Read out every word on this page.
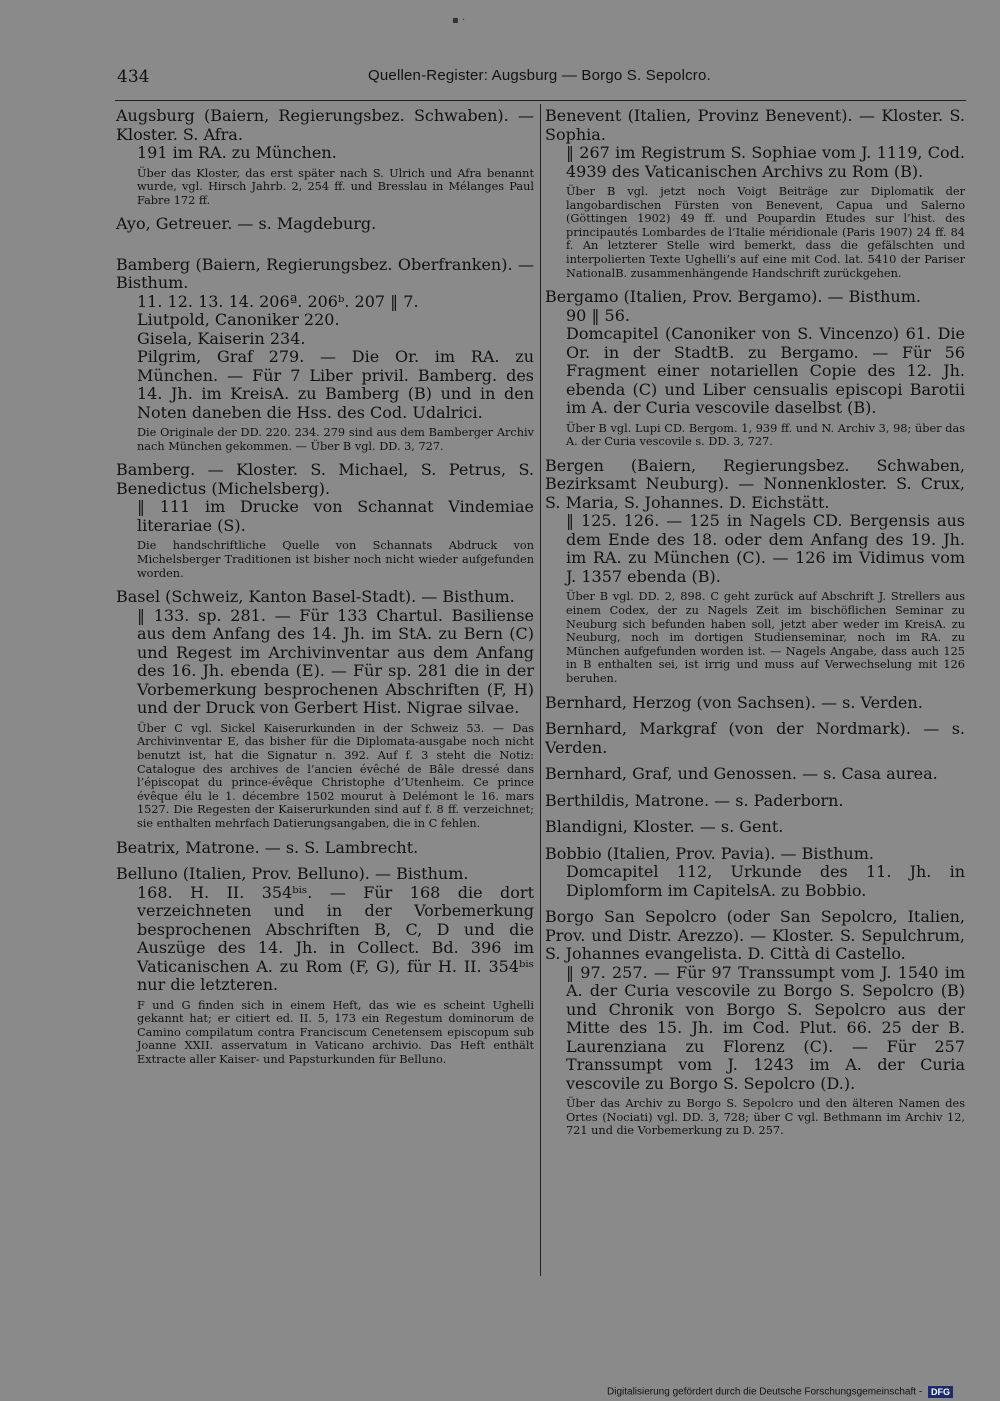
▪ ·
434	Quellen-Register: Augsburg — Borgo S. Sepolcro.

Augsburg (Baiern, Regierungsbez. Schwaben). — Kloster. S. Afra.

191 im RA. zu München.

Über das Kloster, das erst später nach S. Ulrich und Afra benannt wurde, vgl. Hirsch Jahrb. 2, 254 ff. und Bresslau in Mélanges Paul Fabre 172 ff.

Ayo, Getreuer. — s. Magdeburg.

Bamberg (Baiern, Regierungsbez. Oberfranken). — Bisthum.

11. 12. 13. 14. 206ª. 206ᵇ. 207 ‖ 7.

Liutpold, Canoniker 220.

Gisela, Kaiserin 234.

Pilgrim, Graf 279. — Die Or. im RA. zu München. — Für 7 Liber privil. Bamberg. des 14. Jh. im KreisA. zu Bamberg (B) und in den Noten daneben die Hss. des Cod. Udalrici.

Die Originale der DD. 220. 234. 279 sind aus dem Bamberger Archiv nach München gekommen. — Über B vgl. DD. 3, 727.

Bamberg. — Kloster. S. Michael, S. Petrus, S. Benedictus (Michelsberg).

‖ 111 im Drucke von Schannat Vindemiae literariae (S).

Die handschriftliche Quelle von Schannats Abdruck von Michelsberger Traditionen ist bisher noch nicht wieder aufgefunden worden.

Basel (Schweiz, Kanton Basel-Stadt). — Bisthum.

‖ 133. sp. 281. — Für 133 Chartul. Basiliense aus dem Anfang des 14. Jh. im StA. zu Bern (C) und Regest im Archivinventar aus dem Anfang des 16. Jh. ebenda (E). — Für sp. 281 die in der Vorbemerkung besprochenen Abschriften (F, H) und der Druck von Gerbert Hist. Nigrae silvae.

Über C vgl. Sickel Kaiserurkunden in der Schweiz 53. — Das Archivinventar E, das bisher für die Diplomata-ausgabe noch nicht benutzt ist, hat die Signatur n. 392. Auf f. 3 steht die Notiz: Catalogue des archives de l’ancien évêché de Bâle dressé dans l’épiscopat du prince-évêque Christophe d’Utenheim. Ce prince évêque élu le 1. décembre 1502 mourut à Delémont le 16. mars 1527. Die Regesten der Kaiserurkunden sind auf f. 8 ff. verzeichnet; sie enthalten mehrfach Datierungsangaben, die in C fehlen.

Beatrix, Matrone. — s. S. Lambrecht.

Belluno (Italien, Prov. Belluno). — Bisthum.

168. H. II. 354ᵇⁱˢ. — Für 168 die dort verzeichneten und in der Vorbemerkung besprochenen Abschriften B, C, D und die Auszüge des 14. Jh. in Collect. Bd. 396 im Vaticanischen A. zu Rom (F, G), für H. II. 354ᵇⁱˢ nur die letzteren.

F und G finden sich in einem Heft, das wie es scheint Ughelli gekannt hat; er citiert ed. II. 5, 173 ein Regestum dominorum de Camino compilatum contra Franciscum Cenetensem episcopum sub Joanne XXII. asservatum in Vaticano archivio. Das Heft enthält Extracte aller Kaiser- und Papsturkunden für Belluno.

Benevent (Italien, Provinz Benevent). — Kloster. S. Sophia.

‖ 267 im Registrum S. Sophiae vom J. 1119, Cod. 4939 des Vaticanischen Archivs zu Rom (B).

Über B vgl. jetzt noch Voigt Beiträge zur Diplomatik der langobardischen Fürsten von Benevent, Capua und Salerno (Göttingen 1902) 49 ff. und Poupardin Etudes sur l’hist. des principautés Lombardes de l’Italie méridionale (Paris 1907) 24 ff. 84 f. An letzterer Stelle wird bemerkt, dass die gefälschten und interpolierten Texte Ughelli’s auf eine mit Cod. lat. 5410 der Pariser NationalB. zusammenhängende Handschrift zurückgehen.

Bergamo (Italien, Prov. Bergamo). — Bisthum.

90 ‖ 56.

Domcapitel (Canoniker von S. Vincenzo) 61. Die Or. in der StadtB. zu Bergamo. — Für 56 Fragment einer notariellen Copie des 12. Jh. ebenda (C) und Liber censualis episcopi Barotii im A. der Curia vescovile daselbst (B).

Über B vgl. Lupi CD. Bergom. 1, 939 ff. und N. Archiv 3, 98; über das A. der Curia vescovile s. DD. 3, 727.

Bergen (Baiern, Regierungsbez. Schwaben, Bezirksamt Neuburg). — Nonnenkloster. S. Crux, S. Maria, S. Johannes. D. Eichstätt.

‖ 125. 126. — 125 in Nagels CD. Bergensis aus dem Ende des 18. oder dem Anfang des 19. Jh. im RA. zu München (C). — 126 im Vidimus vom J. 1357 ebenda (B).

Über B vgl. DD. 2, 898. C geht zurück auf Abschrift J. Strellers aus einem Codex, der zu Nagels Zeit im bischöflichen Seminar zu Neuburg sich befunden haben soll, jetzt aber weder im KreisA. zu Neuburg, noch im dortigen Studienseminar, noch im RA. zu München aufgefunden worden ist. — Nagels Angabe, dass auch 125 in B enthalten sei, ist irrig und muss auf Verwechselung mit 126 beruhen.

Bernhard, Herzog (von Sachsen). — s. Verden.

Bernhard, Markgraf (von der Nordmark). — s. Verden.

Bernhard, Graf, und Genossen. — s. Casa aurea.

Berthildis, Matrone. — s. Paderborn.

Blandigni, Kloster. — s. Gent.

Bobbio (Italien, Prov. Pavia). — Bisthum.

Domcapitel 112, Urkunde des 11. Jh. in Diplomform im CapitelsA. zu Bobbio.

Borgo San Sepolcro (oder San Sepolcro, Italien, Prov. und Distr. Arezzo). — Kloster. S. Sepulchrum, S. Johannes evangelista. D. Città di Castello.

‖ 97. 257. — Für 97 Transsumpt vom J. 1540 im A. der Curia vescovile zu Borgo S. Sepolcro (B) und Chronik von Borgo S. Sepolcro aus der Mitte des 15. Jh. im Cod. Plut. 66. 25 der B. Laurenziana zu Florenz (C). — Für 257 Transsumpt vom J. 1243 im A. der Curia vescovile zu Borgo S. Sepolcro (D.).

Über das Archiv zu Borgo S. Sepolcro und den älteren Namen des Ortes (Nociati) vgl. DD. 3, 728; über C vgl. Bethmann im Archiv 12, 721 und die Vorbemerkung zu D. 257.

Digitalisierung gefördert durch die Deutsche Forschungsgemeinschaft - DFG
